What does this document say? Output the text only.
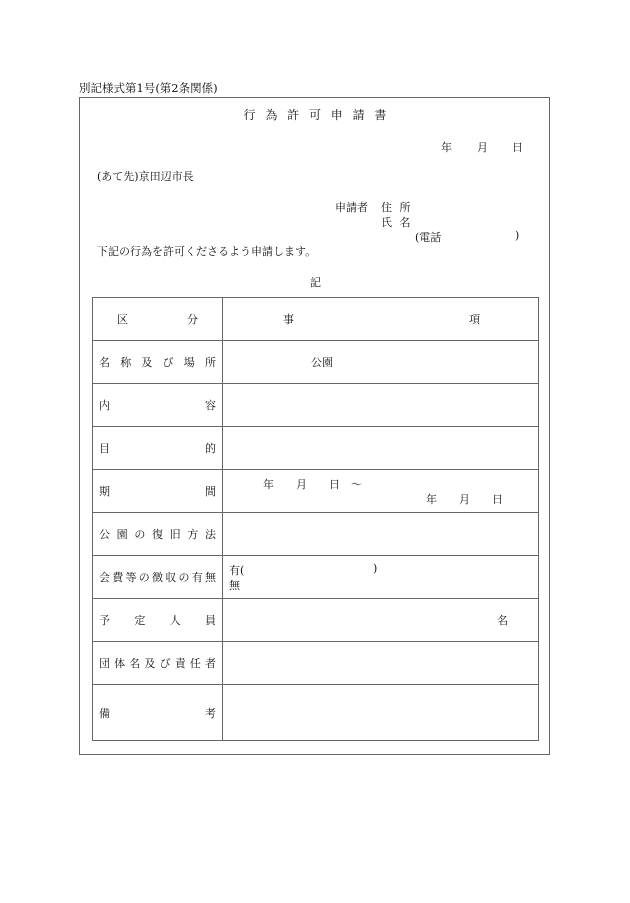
別記様式第1号(第2条関係)
行 為 許 可 申 請 書
年 月 日
(あて先)京田辺市長
申請者 住 所
氏 名
(電話	)
下記の行為を許可くださるよう申請します。
記
区 分	事 項

名称及び場所	公園

内容	

目的	

期間	年　　月　　日　～
年　　月　　日

公園の復旧方法	

会費等の徴収の有無	有( )
無

予定人員	名

団体名及び責任者	

備考	
